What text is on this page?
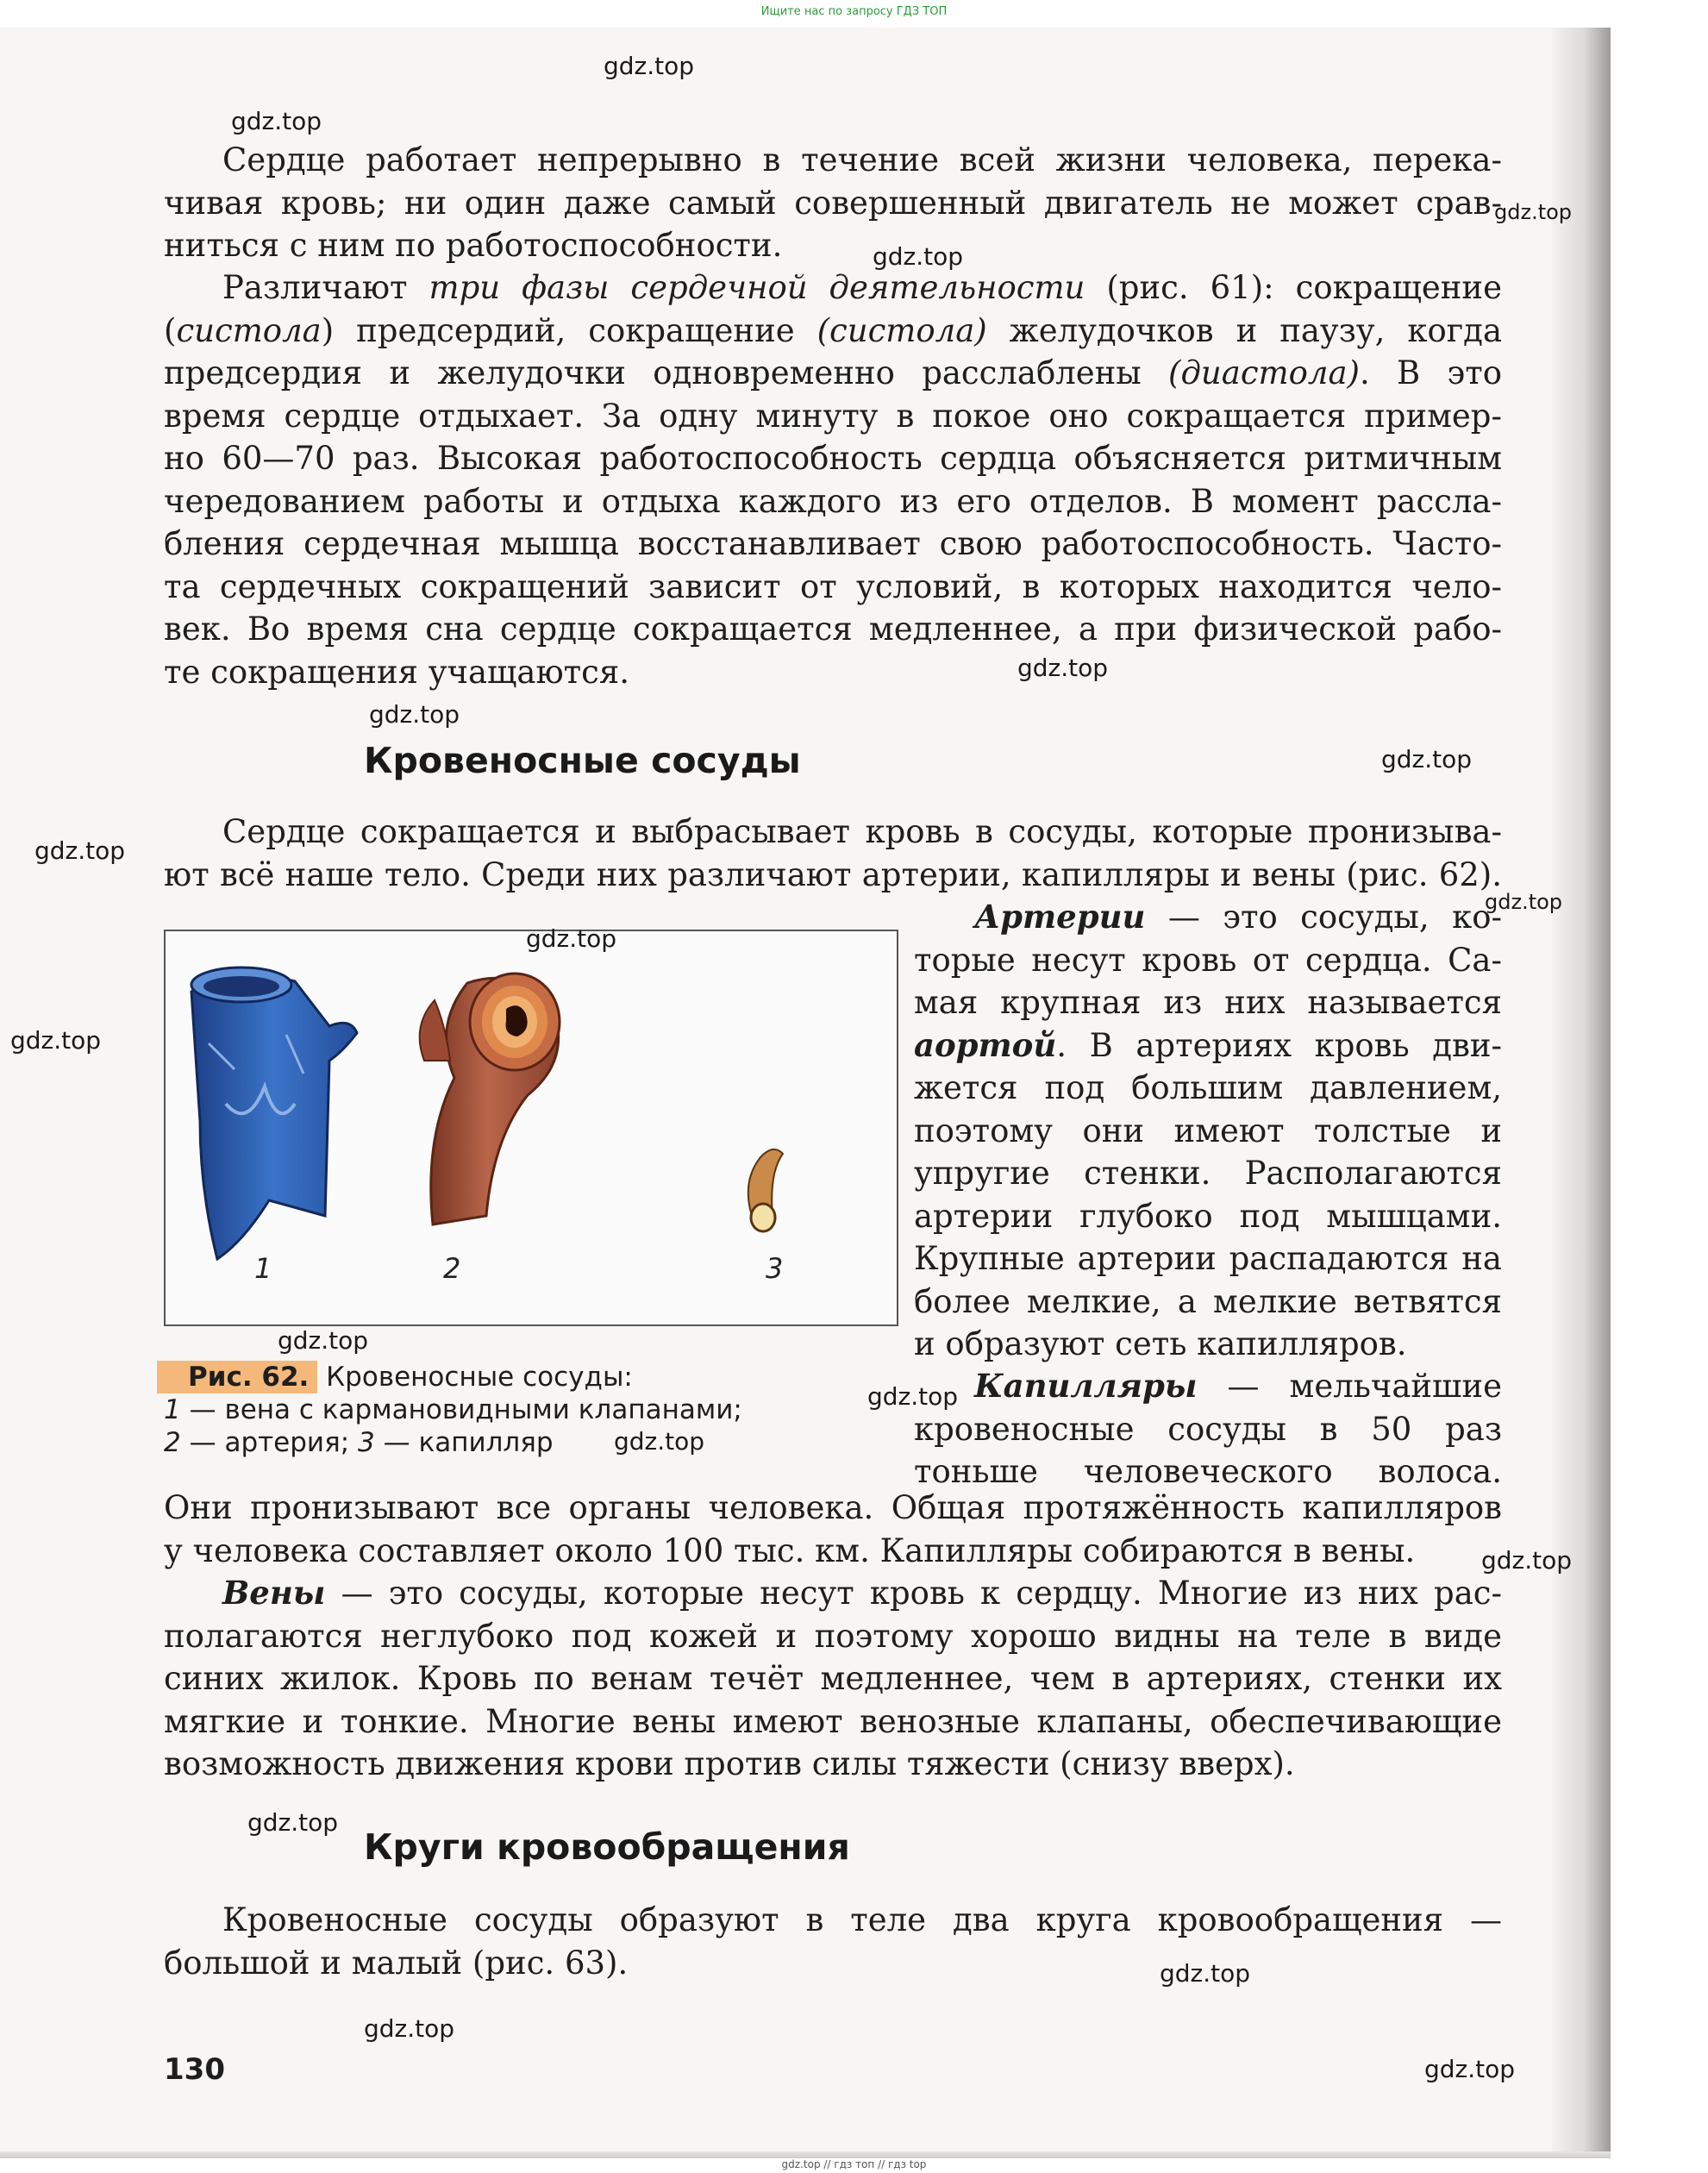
Ищите нас по запросу ГДЗ ТОП
Сердце работает непрерывно в течение всей жизни человека, перека-
чивая кровь; ни один даже самый совершенный двигатель не может срав-
ниться с ним по работоспособности.
Различают три фазы сердечной деятельности (рис. 61): сокращение
(систола) предсердий, сокращение (систола) желудочков и паузу, когда
предсердия и желудочки одновременно расслаблены (диастола). В это
время сердце отдыхает. За одну минуту в покое оно сокращается пример-
но 60—70 раз. Высокая работоспособность сердца объясняется ритмичным
чередованием работы и отдыха каждого из его отделов. В момент рассла-
бления сердечная мышца восстанавливает свою работоспособность. Часто-
та сердечных сокращений зависит от условий, в которых находится чело-
век. Во время сна сердце сокращается медленнее, а при физической рабо-
те сокращения учащаются.
Кровеносные сосуды
Сердце сокращается и выбрасывает кровь в сосуды, которые пронизыва-
ют всё наше тело. Среди них различают артерии, капилляры и вены (рис. 62).
1	2	3
Рис. 62. Кровеносные сосуды:
1 — вена с кармановидными клапанами;
2 — артерия; 3 — капилляр
Артерии — это сосуды, ко-
торые несут кровь от сердца. Са-
мая крупная из них называется
аортой. В артериях кровь дви-
жется под большим давлением,
поэтому они имеют толстые и
упругие стенки. Располагаются
артерии глубоко под мышцами.
Крупные артерии распадаются на
более мелкие, а мелкие ветвятся
и образуют сеть капилляров.
Капилляры — мельчайшие
кровеносные сосуды в 50 раз
тоньше человеческого волоса.
Они пронизывают все органы человека. Общая протяжённость капилляров
у человека составляет около 100 тыс. км. Капилляры собираются в вены.
Вены — это сосуды, которые несут кровь к сердцу. Многие из них рас-
полагаются неглубоко под кожей и поэтому хорошо видны на теле в виде
синих жилок. Кровь по венам течёт медленнее, чем в артериях, стенки их
мягкие и тонкие. Многие вены имеют венозные клапаны, обеспечивающие
возможность движения крови против силы тяжести (снизу вверх).
Круги кровообращения
Кровеносные сосуды образуют в теле два круга кровообращения —
большой и малый (рис. 63).
130
gdz.top
gdz.top
gdz.top
gdz.top
gdz.top
gdz.top
gdz.top
gdz.top
gdz.top
gdz.top
gdz.top
gdz.top
gdz.top
gdz.top
gdz.top
gdz.top
gdz.top
gdz.top
gdz.top
gdz.top // гдз топ // гдз top
